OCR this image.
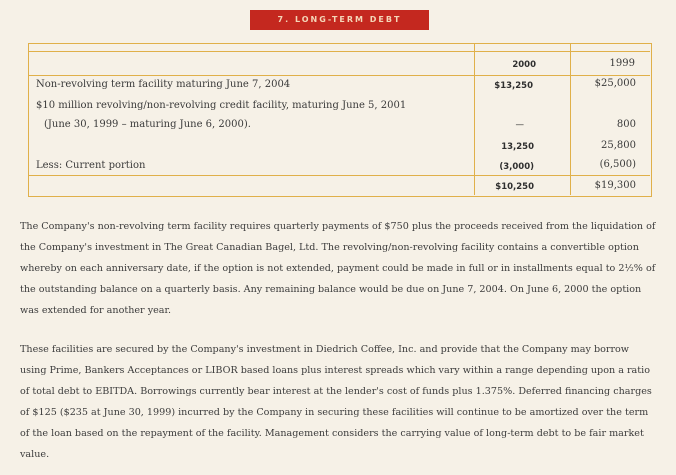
7. LONG-TERM DEBT
2000	1999
Non-revolving term facility maturing June 7, 2004	$13,250	$25,000
$10 million revolving/non-revolving credit facility, maturing June 5, 2001
(June 30, 1999 – maturing June 6, 2000).	—	800
13,250	25,800
Less: Current portion	(3,000)	(6,500)
$10,250	$19,300

The Company's non-revolving term facility requires quarterly payments of $750 plus the proceeds received from the liquidation of the Company's investment in The Great Canadian Bagel, Ltd. The revolving/non-revolving facility contains a convertible option whereby on each anniversary date, if the option is not extended, payment could be made in full or in installments equal to 2½% of the outstanding balance on a quarterly basis. Any remaining balance would be due on June 7, 2004. On June 6, 2000 the option was extended for another year.

These facilities are secured by the Company's investment in Diedrich Coffee, Inc. and provide that the Company may borrow using Prime, Bankers Acceptances or LIBOR based loans plus interest spreads which vary within a range depending upon a ratio of total debt to EBITDA. Borrowings currently bear interest at the lender's cost of funds plus 1.375%. Deferred financing charges of $125 ($235 at June 30, 1999) incurred by the Company in securing these facilities will continue to be amortized over the term of the loan based on the repayment of the facility. Management considers the carrying value of long-term debt to be fair market value.
